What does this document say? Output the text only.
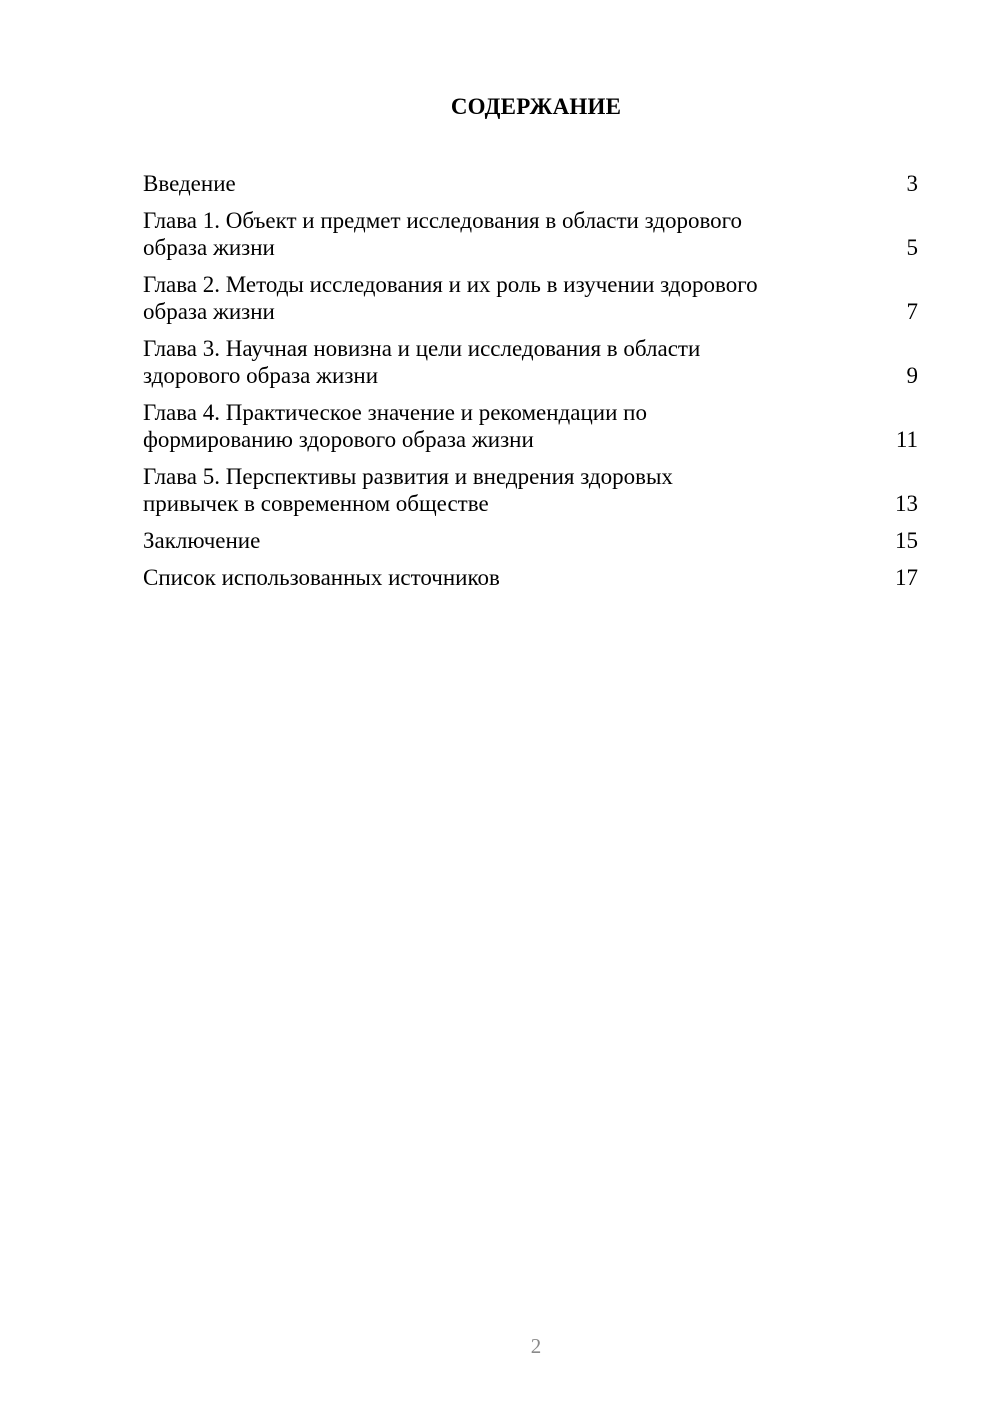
СОДЕРЖАНИЕ
Введение	3
Глава 1. Объект и предмет исследования в области здорового
образа жизни	5
Глава 2. Методы исследования и их роль в изучении здорового
образа жизни	7
Глава 3. Научная новизна и цели исследования в области
здорового образа жизни	9
Глава 4. Практическое значение и рекомендации по
формированию здорового образа жизни	11
Глава 5. Перспективы развития и внедрения здоровых
привычек в современном обществе	13
Заключение	15
Список использованных источников	17
2
